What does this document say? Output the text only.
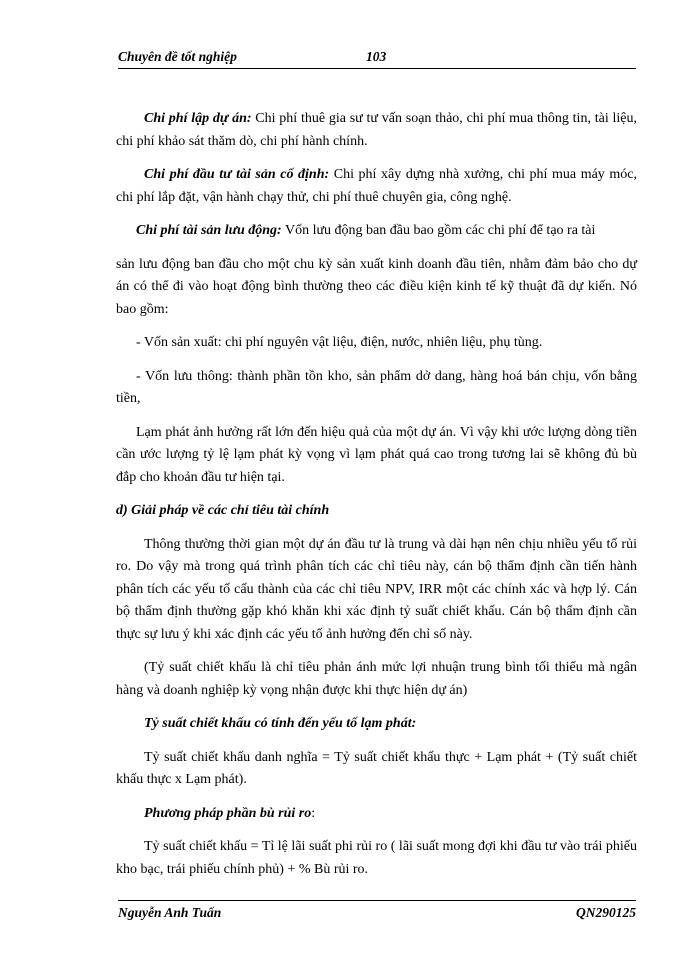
Chuyên đề tốt nghiệp	103

Chi phí lập dự án: Chi phí thuê gia sư tư vấn soạn thảo, chi phí mua thông tin, tài liệu, chi phí khảo sát thăm dò, chi phí hành chính.

Chi phí đầu tư tài sản cố định: Chi phí xây dựng nhà xưởng, chi phí mua máy móc, chi phí lắp đặt, vận hành chạy thử, chi phí thuê chuyên gia, công nghệ.

Chi phí tài sản lưu động: Vốn lưu động ban đầu bao gồm các chi phí để tạo ra tài

sản lưu động ban đầu cho một chu kỳ sản xuất kinh doanh đầu tiên, nhằm đảm bảo cho dự án có thể đi vào hoạt động bình thường theo các điều kiện kinh tế kỹ thuật đã dự kiến. Nó bao gồm:

- Vốn sản xuất: chi phí nguyên vật liệu, điện, nước, nhiên liệu, phụ tùng.

- Vốn lưu thông: thành phần tồn kho, sản phẩm dở dang, hàng hoá bán chịu, vốn bằng tiền,

Lạm phát ảnh hưởng rất lớn đến hiệu quả của một dự án. Vì vậy khi ước lượng dòng tiền cần ước lượng tỷ lệ lạm phát kỳ vọng vì lạm phát quá cao trong tương lai sẽ không đủ bù đắp cho khoản đầu tư hiện tại.

d) Giải pháp về các chỉ tiêu tài chính

Thông thường thời gian một dự án đầu tư là trung và dài hạn nên chịu nhiều yếu tố rủi ro. Do vậy mà trong quá trình phân tích các chỉ tiêu này, cán bộ thẩm định cần tiến hành phân tích các yếu tố cấu thành của các chỉ tiêu NPV, IRR một các chính xác và hợp lý. Cán bộ thẩm định thường gặp khó khăn khi xác định tỷ suất chiết khấu. Cán bộ thẩm định cần thực sự lưu ý khi xác định các yếu tố ảnh hưởng đến chỉ số này.

(Tỷ suất chiết khấu là chỉ tiêu phản ánh mức lợi nhuận trung bình tối thiểu mà ngân hàng và doanh nghiệp kỳ vọng nhận được khi thực hiện dự án)

Tỷ suất chiết khấu có tính đến yếu tố lạm phát:

Tỷ suất chiết khấu danh nghĩa = Tỷ suất chiết khấu thực + Lạm phát + (Tỷ suất chiết khấu thực x Lạm phát).

Phương pháp phần bù rủi ro:

Tỷ suất chiết khấu = Tỉ lệ lãi suất phi rủi ro ( lãi suất mong đợi khi đầu tư vào trái phiếu kho bạc, trái phiếu chính phủ) + % Bù rủi ro.

Nguyễn Anh Tuấn	QN290125
